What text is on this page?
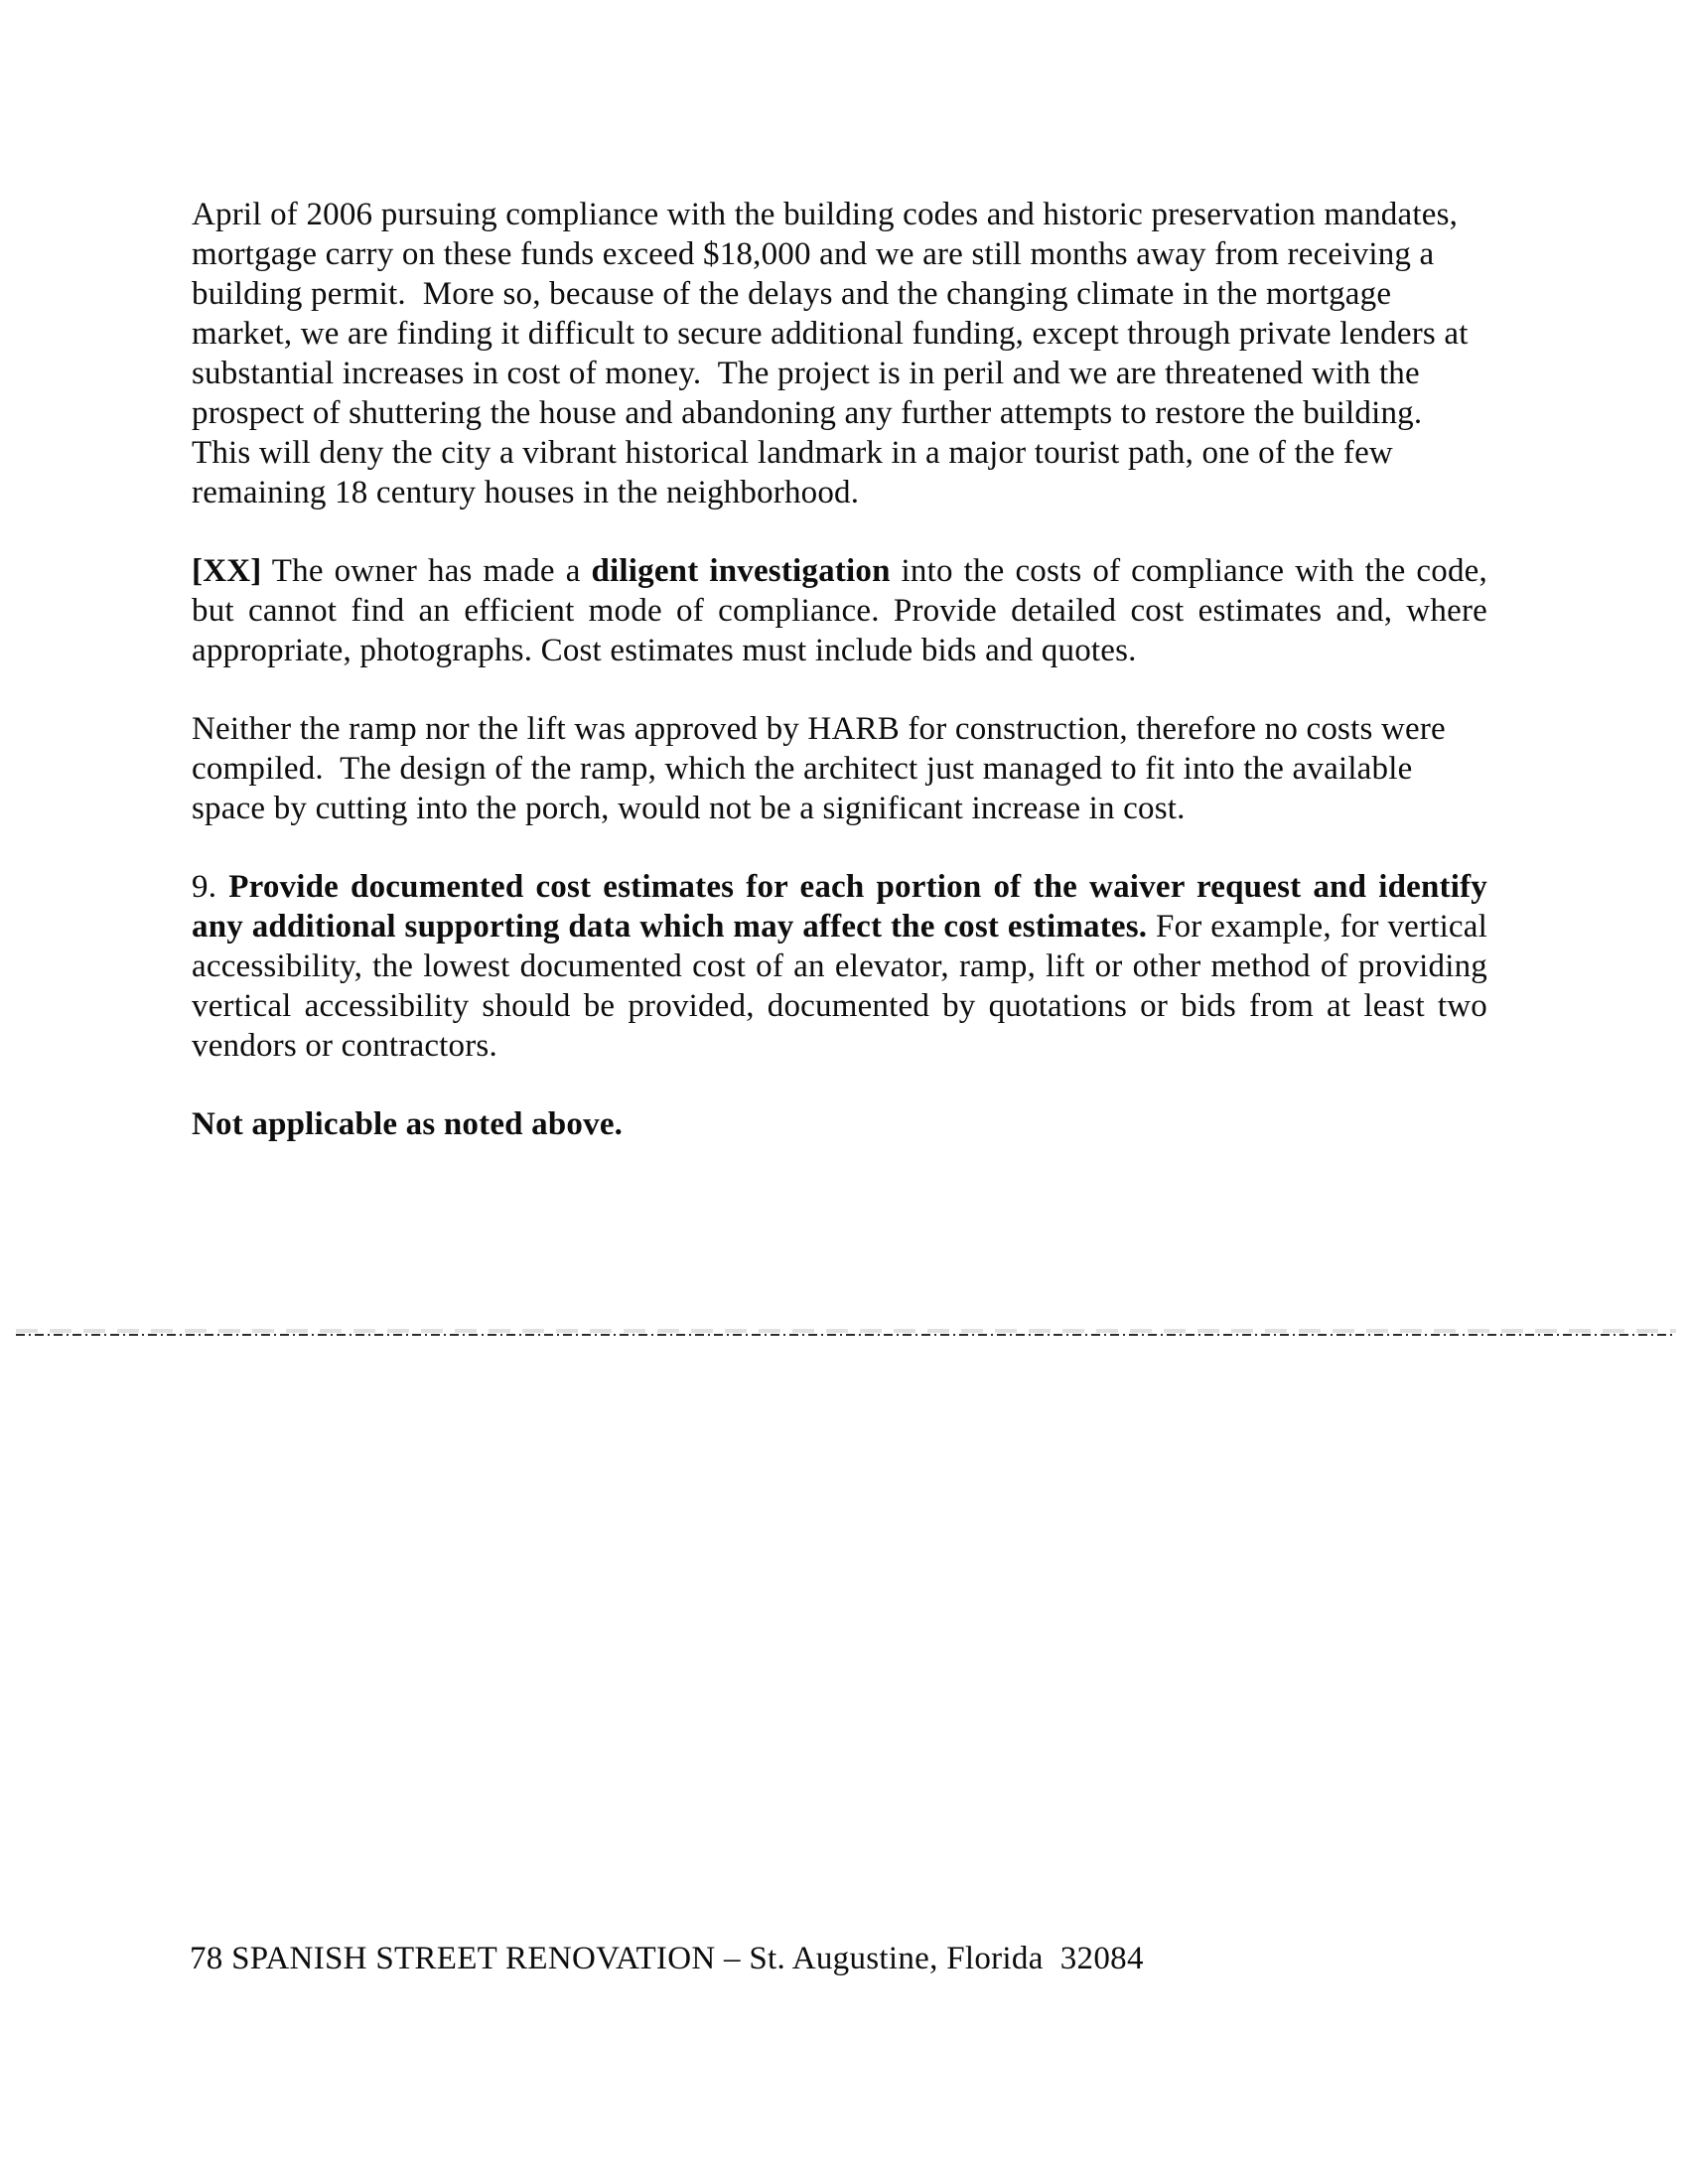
April of 2006 pursuing compliance with the building codes and historic preservation mandates, mortgage carry on these funds exceed $18,000 and we are still months away from receiving a building permit.  More so, because of the delays and the changing climate in the mortgage market, we are finding it difficult to secure additional funding, except through private lenders at substantial increases in cost of money.  The project is in peril and we are threatened with the prospect of shuttering the house and abandoning any further attempts to restore the building. This will deny the city a vibrant historical landmark in a major tourist path, one of the few remaining 18 century houses in the neighborhood.

[XX] The owner has made a diligent investigation into the costs of compliance with the code, but cannot find an efficient mode of compliance. Provide detailed cost estimates and, where appropriate, photographs. Cost estimates must include bids and quotes.

Neither the ramp nor the lift was approved by HARB for construction, therefore no costs were compiled.  The design of the ramp, which the architect just managed to fit into the available space by cutting into the porch, would not be a significant increase in cost.

9. Provide documented cost estimates for each portion of the waiver request and identify any additional supporting data which may affect the cost estimates. For example, for vertical accessibility, the lowest documented cost of an elevator, ramp, lift or other method of providing vertical accessibility should be provided, documented by quotations or bids from at least two vendors or contractors.

Not applicable as noted above.

78 SPANISH STREET RENOVATION – St. Augustine, Florida  32084
